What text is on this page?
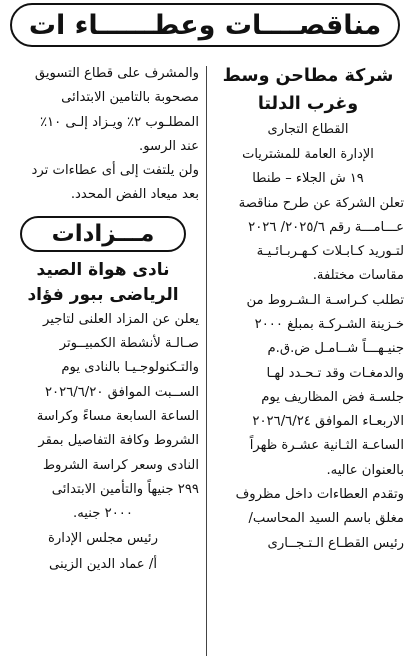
مناقصــــات وعطــــــاء ات
شركة مطاحن وسط
وغرب الدلتا
القطاع التجارى
الإدارة العامة للمشتريات
١٩ ش الجلاء – طنطا
تعلن الشركة عن طرح مناقصة
عـــامـــة رقم ٢٠٢٥/٦/ ٢٠٢٦
لتـوريد كـابـلات كـهـربـائـيـة
مقاسات مختلفة.
تطلب كـراسـة الـشـروط من
خـزينة الشـركـة بمبلغ ٢٠٠٠
جنيـهـــاً شــامـل ض.ق.م
والدمغـات وقد تـحـدد لهـا
جلسـة فض المظاريف يوم
الاربعـاء الموافق ٢٠٢٦/٦/٢٤
الساعـة الثـانية عشـرة ظهراً
بالعنوان عاليه.
وتقدم العطاءات داخل مظروف
مغلق باسم السيد المحاسب/
رئيس القطـاع الـتـجــارى
والمشرف على قطاع التسويق
مصحوبة بالتامين الابتدائى
المطلـوب ٢٪ ويـزاد إلـى ١٠٪
عند الرسو.
ولن يلتفت إلى أى عطاءات ترد
بعد ميعاد الفض المحدد.
مـــزادات
نادى هواة الصيد
الرياضى ببور فؤاد
يعلن عن المزاد العلنى لتاجير
صـالـة لأنشطة الكمبيــوتر
والتـكنولوجـيـا بالنادى يوم
الســبت الموافق ٢٠٢٦/٦/٢٠
الساعة السابعة مساءً وكراسة
الشروط وكافة التفاصيل بمقر
النادى وسعر كراسة الشروط
٢٩٩ جنيهاً والتأمين الابتدائى
٢٠٠٠ جنيه.
رئيس مجلس الإدارة
أ/ عماد الدين الزينى
